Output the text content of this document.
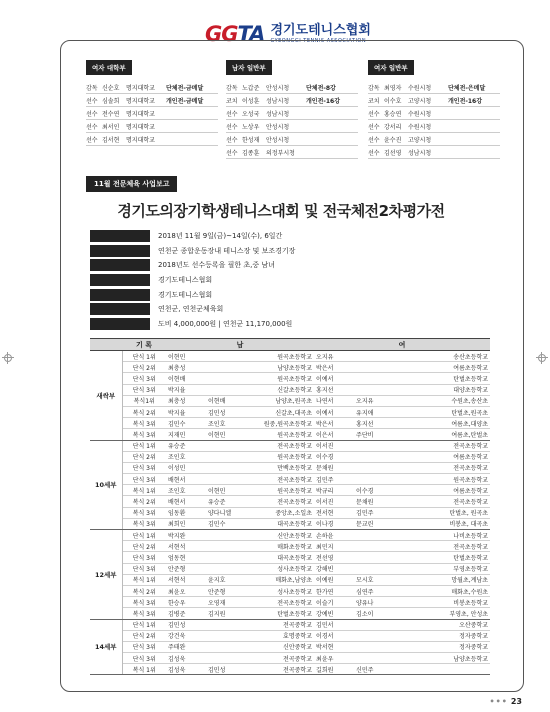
GGTA 경기도테니스협회
GYEONGGI TENNIS ASSOCIATION
여자 대학부
감독 신순호	명지대학교	단체전-금메달
선수 심솔희	명지대학교	개인전-금메달
선수 전수연	명지대학교
선수 최서인	명지대학교
선수 김서현	명지대학교
남자 일반부
감독 노갑준	안성시청	단체전-8강
코치 이성훈	성남시청	개인전-16강
선수 오성국	성남시청
선수 노상우	안성시청
선수 한성재	안성시청
선수 김종훈	의정부시청
여자 일반부
감독 최영자	수원시청	단체전-은메달
코치 이수호	고양시청	개인전-16강
선수 홍승연	수원시청
선수 강서리	수원시청
선수 윤수진	고양시청
선수 김선영	성남시청
11월 전문체육 사업보고
경기도의장기학생테니스대회 및 전국체전2차평가전
2018년 11월 9일(금)~14일(수), 6일간
연천군 종합운동장내 테니스장 및 보조경기장
2018년도 선수등록을 필한 초,중 남녀
경기도테니스협회
경기도테니스협회
연천군, 연천군체육회
도비 4,000,000원 | 연천군 11,170,000원
	기 록	남			여		
새싹부	단식 1위	이현민		원곡초등학교	오지유		송산초등학교
	단식 2위	최충성		남양초등학교	박은서		여름초등학교
	단식 3위	이현배		원곡초등학교	이예서		탄벌초등학교
	단식 3위	박지율		신갈초등학교	홍지선		대양초등학교
	복식1위	최충성	이현배	남양초,원곡초	나연서	오지유	수원초,송산초
	복식 2위	박지율	김민성	신갈초,대곡초	이예서	유지애	탄벌초,원곡초
	복식 3위	김민수	조인호	원중,원곡초등학교	박은서	홍지선	여름초,대양초
	복식 3위	지재민	이현민	원곡초등학교	이은서	주단비	여름초,탄벌초
10세부	단식 1위	유승준		전곡초등학교	이서진		전곡초등학교
	단식 2위	조인호		원곡초등학교	이수경		여름초등학교
	단식 3위	이성민		만백초등학교	문채원		전곡초등학교
	단식 3위	배현서		전곡초등학교	김민주		원곡초등학교
	복식 1위	조인호	이현민	원곡초등학교	박규리	이수경	여름초등학교
	복식 2위	배현서	유승준	전곡초등학교	이서진	문채원	전곡초등학교
	복식 3위	임동환	양다니엘	중앙초,소일초	전서현	김민주	탄벌초, 원곡초
	복식 3위	최희인	김민수	대곡초등학교	이나경	문교린	비봉초, 대곡초
12세부	단식 1위	박지완		신안초등학교	손하윤		나비초등학교
	단식 2위	서현석		매화초등학교	최민지		전곡초등학교
	단식 3위	엄동현		대곡초등학교	전선영		탄벌초등학교
	단식 3위	안준형		성사초등학교	강해빈		부영초등학교
	복식 1위	서현석	윤지호	매화초,남양초	이예원	모시호	망월초,계남초
	복식 2위	최윤오	안준형	성사초등학교	한가연	심연주	매화초,수원초
	복식 3위	한승우	오영재	전곡초등학교	이슬기	양유나	비봉초등학교
	복식 3위	김병준	김지원	탄벌초등학교	강예빈	김소이	부영초, 안성초
14세부	단식 1위	김민성		전곡중학교	김민서		오산중학교
	단식 2위	강건욱		효명중학교	이경서		정자중학교
	단식 3위	주태완		신안중학교	박서현		정자중학교
	단식 3위	김성욱		전곡중학교	최윤우		남양초등학교
	복식 1위	김성욱	김민성	전곡중학교	길희원	신민주	
••• 23
